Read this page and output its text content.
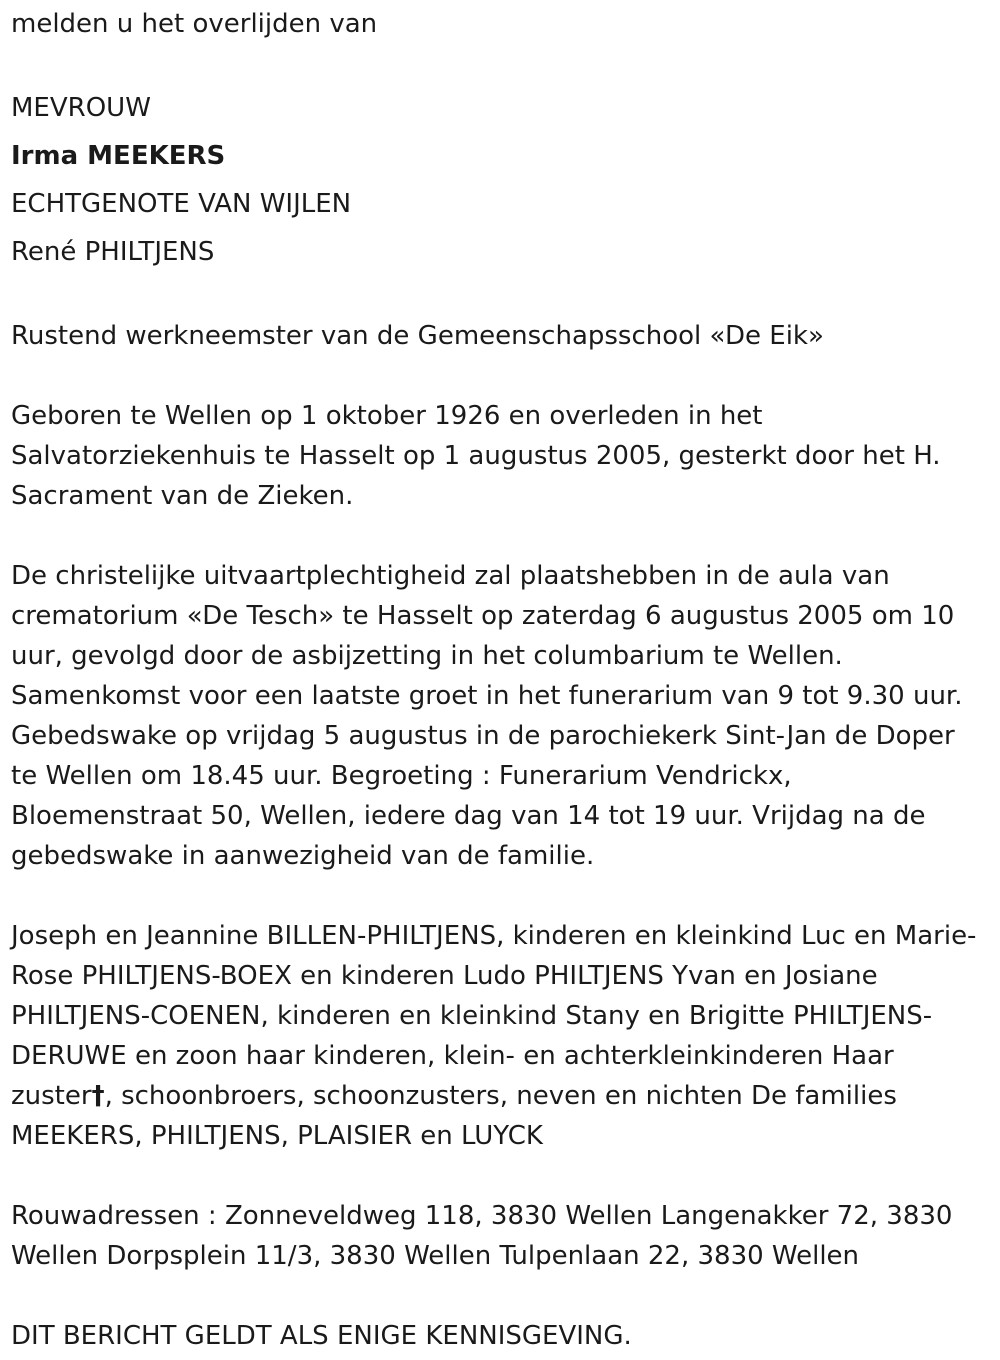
melden u het overlijden van

MEVROUW

Irma MEEKERS

ECHTGENOTE VAN WIJLEN

René PHILTJENS

Rustend werkneemster van de Gemeenschapsschool «De Eik»

Geboren te Wellen op 1 oktober 1926 en overleden in het Salvatorziekenhuis te Hasselt op 1 augustus 2005, gesterkt door het H. Sacrament van de Zieken.

De christelijke uitvaartplechtigheid zal plaatshebben in de aula van crematorium «De Tesch» te Hasselt op zaterdag 6 augustus 2005 om 10 uur, gevolgd door de asbijzetting in het columbarium te Wellen. Samenkomst voor een laatste groet in het funerarium van 9 tot 9.30 uur. Gebedswake op vrijdag 5 augustus in de parochiekerk Sint-Jan de Doper te Wellen om 18.45 uur. Begroeting : Funerarium Vendrickx, Bloemenstraat 50, Wellen, iedere dag van 14 tot 19 uur. Vrijdag na de gebedswake in aanwezigheid van de familie.

Joseph en Jeannine BILLEN-PHILTJENS, kinderen en kleinkind Luc en Marie-Rose PHILTJENS-BOEX en kinderen Ludo PHILTJENS Yvan en Josiane PHILTJENS-COENEN, kinderen en kleinkind Stany en Brigitte PHILTJENS-DERUWE en zoon haar kinderen, klein- en achterkleinkinderen Haar zuster†, schoonbroers, schoonzusters, neven en nichten De families MEEKERS, PHILTJENS, PLAISIER en LUYCK

Rouwadressen : Zonneveldweg 118, 3830 Wellen Langenakker 72, 3830 Wellen Dorpsplein 11/3, 3830 Wellen Tulpenlaan 22, 3830 Wellen

DIT BERICHT GELDT ALS ENIGE KENNISGEVING.
